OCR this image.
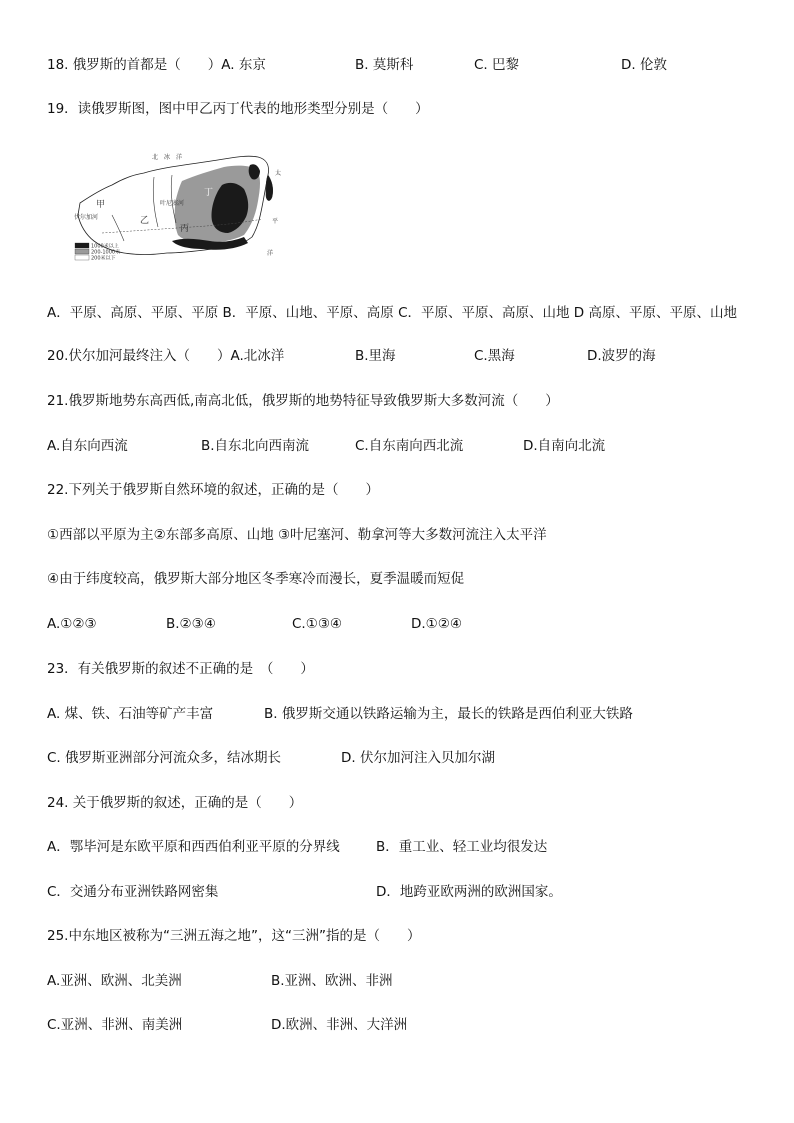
18. 俄罗斯的首都是（　　）A. 东京	B. 莫斯科	C. 巴黎	D. 伦敦
19．读俄罗斯图，图中甲乙丙丁代表的地形类型分别是（　　）
北　冰　洋
甲
乙
丙
丁
伏尔加河
叶尼塞河
太
平
洋
1000米以上
200-1000米
200米以下
A．平原、高原、平原、平原 B．平原、山地、平原、高原 C．平原、平原、高原、山地 D 高原、平原、平原、山地
20.伏尔加河最终注入（　　）A.北冰洋	B.里海	C.黑海	D.波罗的海
21.俄罗斯地势东高西低,南高北低，俄罗斯的地势特征导致俄罗斯大多数河流（　　）
A.自东向西流	B.自东北向西南流	C.自东南向西北流	D.自南向北流
22.下列关于俄罗斯自然环境的叙述，正确的是（　　）
①西部以平原为主②东部多高原、山地 ③叶尼塞河、勒拿河等大多数河流注入太平洋
④由于纬度较高，俄罗斯大部分地区冬季寒冷而漫长，夏季温暖而短促
A.①②③	B.②③④	C.①③④	D.①②④
23．有关俄罗斯的叙述不正确的是　（　　）
A. 煤、铁、石油等矿产丰富	B. 俄罗斯交通以铁路运输为主，最长的铁路是西伯利亚大铁路
C. 俄罗斯亚洲部分河流众多，结冰期长	D. 伏尔加河注入贝加尔湖
24. 关于俄罗斯的叙述，正确的是（　　）
A．鄂毕河是东欧平原和西西伯利亚平原的分界线	B．重工业、轻工业均很发达
C．交通分布亚洲铁路网密集	D．地跨亚欧两洲的欧洲国家。
25.中东地区被称为“三洲五海之地”，这“三洲”指的是（　　）
A.亚洲、欧洲、北美洲	B.亚洲、欧洲、非洲
C.亚洲、非洲、南美洲	D.欧洲、非洲、大洋洲
